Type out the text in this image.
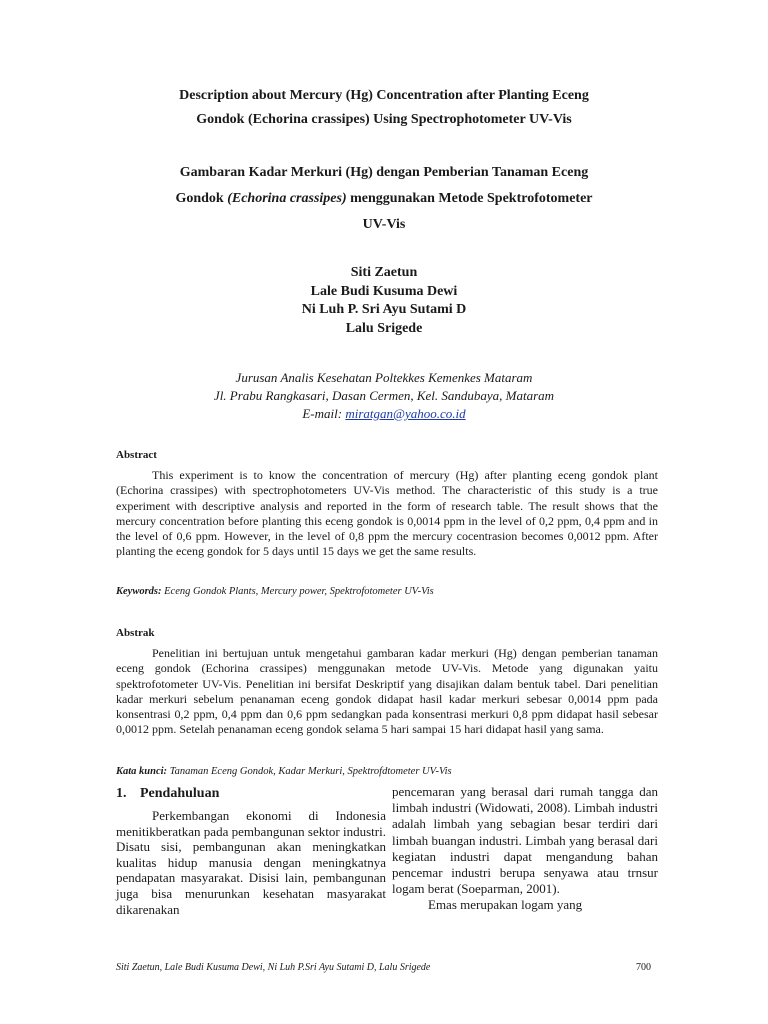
Description about Mercury (Hg) Concentration after Planting Eceng
Gondok (Echorina crassipes) Using Spectrophotometer UV-Vis
Gambaran Kadar Merkuri (Hg) dengan Pemberian Tanaman Eceng
Gondok (Echorina crassipes) menggunakan Metode Spektrofotometer
UV-Vis
Siti Zaetun
Lale Budi Kusuma Dewi
Ni Luh P. Sri Ayu Sutami D
Lalu Srigede
Jurusan Analis Kesehatan Poltekkes Kemenkes Mataram
Jl. Prabu Rangkasari, Dasan Cermen, Kel. Sandubaya, Mataram
E-mail: miratgan@yahoo.co.id
Abstract
This experiment is to know the concentration of mercury (Hg) after planting eceng gondok plant (Echorina crassipes) with spectrophotometers UV-Vis method. The characteristic of this study is a true experiment with descriptive analysis and reported in the form of research table. The result shows that the mercury concentration before planting this eceng gondok is 0,0014 ppm in the level of 0,2 ppm, 0,4 ppm and in the level of 0,6 ppm. However, in the level of 0,8 ppm the mercury cocentrasion becomes 0,0012 ppm. After planting the eceng gondok for 5 days until 15 days we get the same results.
Keywords: Eceng Gondok Plants, Mercury power, Spektrofotometer UV-Vis
Abstrak
Penelitian ini bertujuan untuk mengetahui gambaran kadar merkuri (Hg) dengan pemberian tanaman eceng gondok (Echorina crassipes) menggunakan metode UV-Vis. Metode yang digunakan yaitu spektrofotometer UV-Vis. Penelitian ini bersifat Deskriptif yang disajikan dalam bentuk tabel. Dari penelitian kadar merkuri sebelum penanaman eceng gondok didapat hasil kadar merkuri sebesar 0,0014 ppm pada konsentrasi 0,2 ppm, 0,4 ppm dan 0,6 ppm sedangkan pada konsentrasi merkuri 0,8 ppm didapat hasil sebesar 0,0012 ppm. Setelah penanaman eceng gondok selama 5 hari sampai 15 hari didapat hasil yang sama.
Kata kunci: Tanaman Eceng Gondok, Kadar Merkuri, Spektrofdtometer UV-Vis
1. Pendahuluan
Perkembangan ekonomi di Indonesia menitikberatkan pada pembangunan sektor industri. Disatu sisi, pembangunan akan meningkatkan kualitas hidup manusia dengan meningkatnya pendapatan masyarakat. Disisi lain, pembangunan juga bisa menurunkan kesehatan masyarakat dikarenakan
pencemaran yang berasal dari rumah tangga dan limbah industri (Widowati, 2008). Limbah industri adalah limbah yang sebagian besar terdiri dari limbah buangan industri. Limbah yang berasal dari kegiatan industri dapat mengandung bahan pencemar industri berupa senyawa atau trnsur logam berat (Soeparman, 2001).
Emas merupakan logam yang
Siti Zaetun, Lale Budi Kusuma Dewi, Ni Luh P.Sri Ayu Sutami D, Lalu Srigede	700
